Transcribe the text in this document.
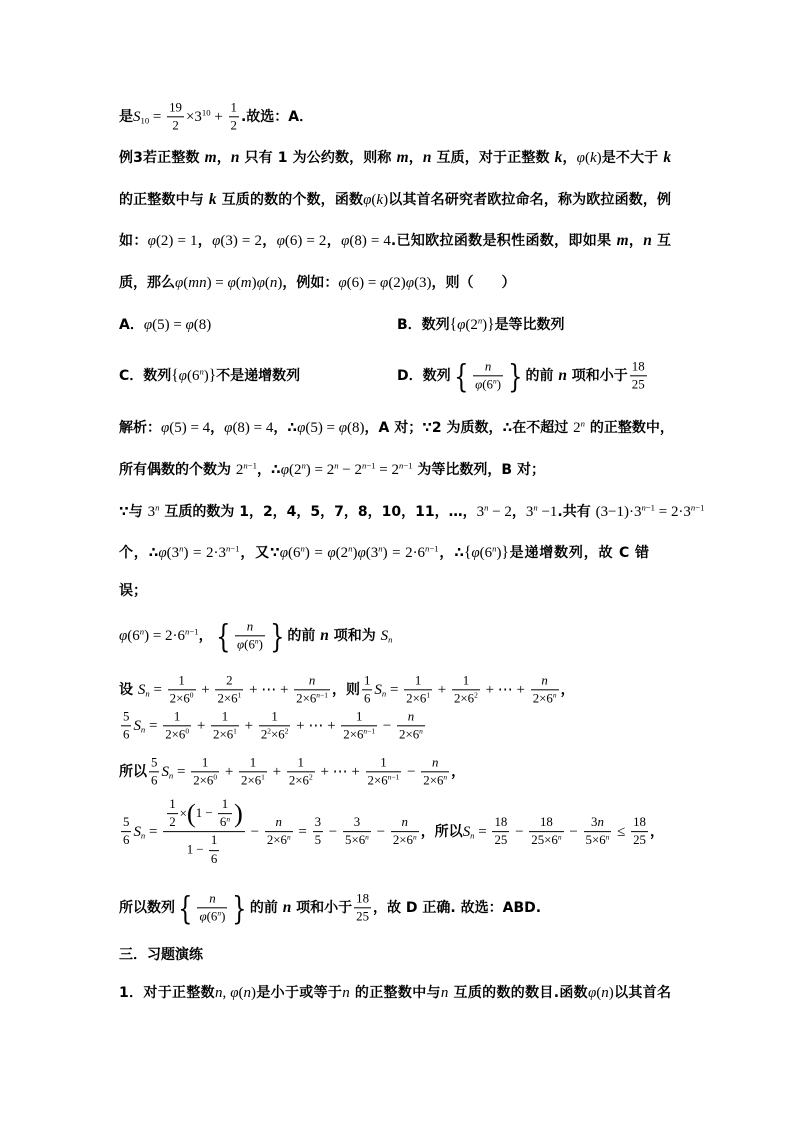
是$S_{10} = \frac{19}{2} \times 3^{10} + \frac{1}{2}$ .故选：A．
例3若正整数 m，n 只有 1 为公约数，则称 m，n 互质，对于正整数 k，φ(k)是不大于 k
的正整数中与 k 互质的数的个数，函数φ(k)以其首名研究者欧拉命名，称为欧拉函数，例
如：φ(2) = 1，φ(3) = 2，φ(6) = 2，φ(8) = 4.已知欧拉函数是积性函数，即如果 m，n 互
质，那么φ(mn) = φ(m)φ(n)，例如：φ(6) = φ(2)φ(3)，则（　　）
A．φ(5) = φ(8)	B．数列{φ(2$^n$)}是等比数列
C．数列{φ(6$^n$)}不是递增数列	D．数列{ $\frac{n}{\varphi(6^n)}$ } 的前 n 项和小于 $\frac{18}{25}$
解析：φ(5) = 4，φ(8) = 4，∴φ(5) = φ(8)，A 对；∵2 为质数，∴在不超过 2$^n$ 的正整数中，
所有偶数的个数为 $2^{n-1}$，$\therefore\varphi(2^n) = 2^n - 2^{n-1} = 2^{n-1}$ 为等比数列，B 对；
∵与 3$^n$ 互质的数为 1，2，4，5，7，8，10，11，…，$3^n - 2$，$3^n -1$.共有 $(3-1)\cdot 3^{n-1} = 2\cdot 3^{n-1}$
个，$\therefore\varphi(3^n) = 2\cdot 3^{n-1}$，又$\because\varphi(6^n) = \varphi(2^n)\varphi(3^n) = 2\cdot 6^{n-1}$，∴{φ(6$^n$)}是递增数列，故 C 错
误；
$\varphi(6^n) = 2\cdot 6^{n-1}$，{ $\frac{n}{\varphi(6^n)}$ } 的前 n 项和为 Sn
设 $Sn = \frac{1}{2\times 6^0} + \frac{2}{2\times 6^1}$ + ⋯ + $\frac{n}{2\times 6^{n-1}}$ ，则 $\frac{1}{6}$ $Sn = \frac{1}{2\times 6^1} + \frac{1}{2\times 6^2}$ + ⋯ + $\frac{n}{2\times 6^n}$ ，
$\frac{5}{6}$ $Sn = \frac{1}{2\times 6^0} + \frac{1}{2\times 6^1} + \frac{1}{2^2\times 6^2}$ + ⋯ + $\frac{1}{2\times 6^{n-1}} - \frac{n}{2\times 6^n}$
所以 $\frac{5}{6}$ $Sn = \frac{1}{2\times 6^0} + \frac{1}{2\times 6^1} + \frac{1}{2\times 6^2}$ + ⋯ + $\frac{1}{2\times 6^{n-1}} - \frac{n}{2\times 6^n}$ ，
$\frac{5}{6}$ $Sn = \frac{\frac{1}{2} \times(1 - \frac{1}{6^n} )}{1 - \frac{1}{6}} - \frac{n}{2\times 6^n} = \frac{3}{5} - \frac{3}{5\times 6^n} - \frac{n}{2\times 6^n}$ ，所以$Sn = \frac{18}{25} - \frac{18}{25\times 6^n} - \frac{3n}{5\times 6^n} \le \frac{18}{25}$ ，
所以数列{ $\frac{n}{\varphi(6^n)}$ } 的前 n 项和小于 $\frac{18}{25}$ ，故 D 正确. 故选：ABD.
三．习题演练
1．对于正整数n, φ(n)是小于或等于n 的正整数中与n 互质的数的数目.函数φ(n)以其首名
